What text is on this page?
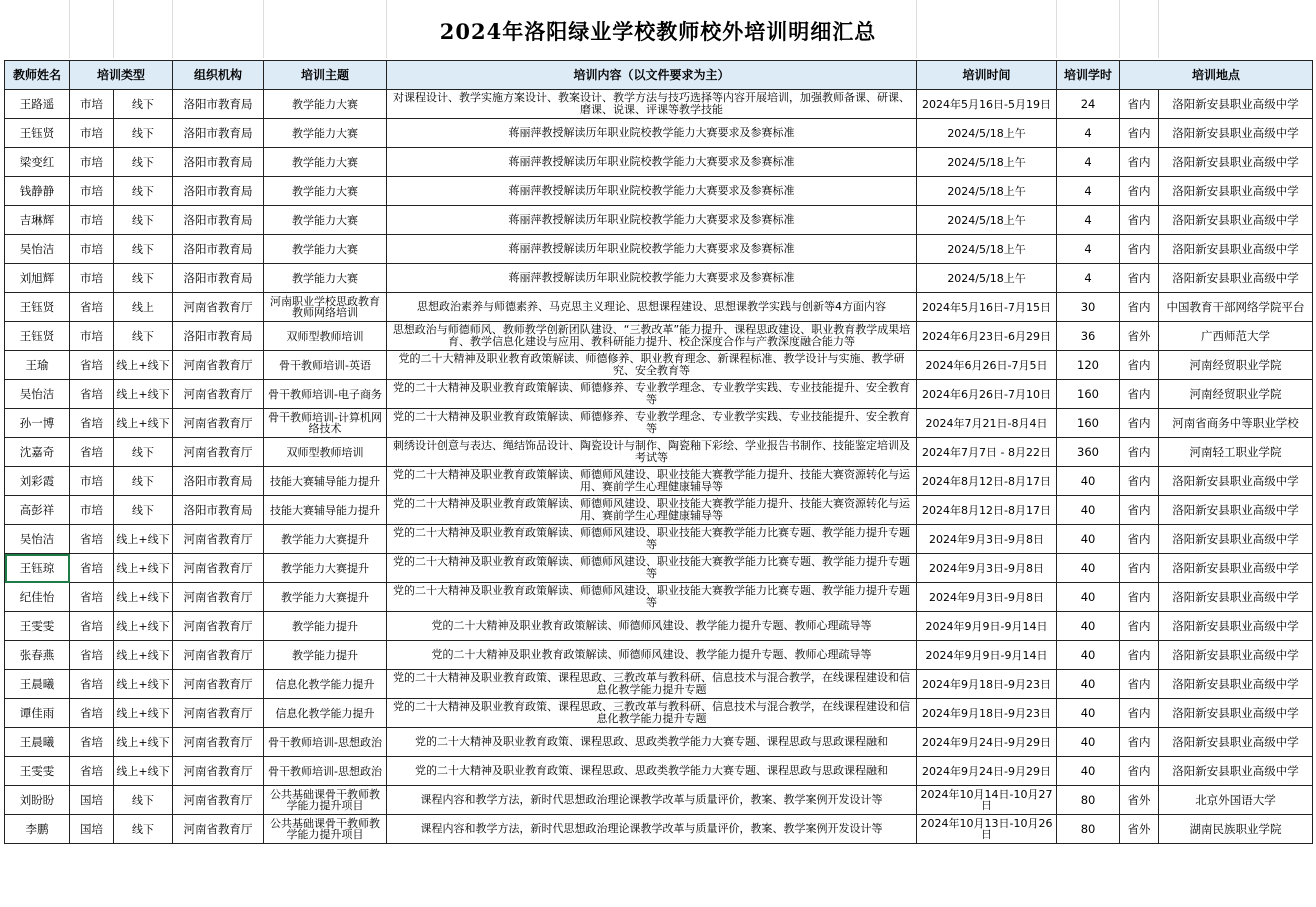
2024年洛阳绿业学校教师校外培训明细汇总
教师姓名	培训类型		组织机构	培训主题	培训内容（以文件要求为主）	培训时间	培训学时	培训地点	
王路遥	市培	线下	洛阳市教育局	教学能力大赛	对课程设计、教学实施方案设计、教案设计、教学方法与技巧选择等内容开展培训，加强教师备课、研课、磨课、说课、评课等教学技能	2024年5月16日-5月19日	24	省内	洛阳新安县职业高级中学
王钰贤	市培	线下	洛阳市教育局	教学能力大赛	蒋丽萍教授解读历年职业院校教学能力大赛要求及参赛标准	2024/5/18上午	4	省内	洛阳新安县职业高级中学
梁变红	市培	线下	洛阳市教育局	教学能力大赛	蒋丽萍教授解读历年职业院校教学能力大赛要求及参赛标准	2024/5/18上午	4	省内	洛阳新安县职业高级中学
钱静静	市培	线下	洛阳市教育局	教学能力大赛	蒋丽萍教授解读历年职业院校教学能力大赛要求及参赛标准	2024/5/18上午	4	省内	洛阳新安县职业高级中学
吉琳辉	市培	线下	洛阳市教育局	教学能力大赛	蒋丽萍教授解读历年职业院校教学能力大赛要求及参赛标准	2024/5/18上午	4	省内	洛阳新安县职业高级中学
吴怡洁	市培	线下	洛阳市教育局	教学能力大赛	蒋丽萍教授解读历年职业院校教学能力大赛要求及参赛标准	2024/5/18上午	4	省内	洛阳新安县职业高级中学
刘旭辉	市培	线下	洛阳市教育局	教学能力大赛	蒋丽萍教授解读历年职业院校教学能力大赛要求及参赛标准	2024/5/18上午	4	省内	洛阳新安县职业高级中学
王钰贤	省培	线上	河南省教育厅	河南职业学校思政教育教师网络培训	思想政治素养与师德素养、马克思主义理论、思想课程建设、思想课教学实践与创新等4方面内容	2024年5月16日-7月15日	30	省内	中国教育干部网络学院平台
王钰贤	市培	线下	洛阳市教育局	双师型教师培训	思想政治与师德师风、教师教学创新团队建设、“三教改革”能力提升、课程思政建设、职业教育教学成果培育、教学信息化建设与应用、教科研能力提升、校企深度合作与产教深度融合能力等	2024年6月23日-6月29日	36	省外	广西师范大学
王瑜	省培	线上+线下	河南省教育厅	骨干教师培训-英语	党的二十大精神及职业教育政策解读、师德修养、职业教育理念、新课程标准、教学设计与实施、教学研究、安全教育等	2024年6月26日-7月5日	120	省内	河南经贸职业学院
吴怡洁	省培	线上+线下	河南省教育厅	骨干教师培训-电子商务	党的二十大精神及职业教育政策解读、师德修养、专业教学理念、专业教学实践、专业技能提升、安全教育等	2024年6月26日-7月10日	160	省内	河南经贸职业学院
孙一博	省培	线上+线下	河南省教育厅	骨干教师培训-计算机网络技术	党的二十大精神及职业教育政策解读、师德修养、专业教学理念、专业教学实践、专业技能提升、安全教育等	2024年7月21日-8月4日	160	省内	河南省商务中等职业学校
沈嘉奇	省培	线下	河南省教育厅	双师型教师培训	刺绣设计创意与表达、绳结饰品设计、陶瓷设计与制作、陶瓷釉下彩绘、学业报告书制作、技能鉴定培训及考试等	2024年7月7日 - 8月22日	360	省内	河南轻工职业学院
刘彩霞	市培	线下	洛阳市教育局	技能大赛辅导能力提升	党的二十大精神及职业教育政策解读、师德师风建设、职业技能大赛教学能力提升、技能大赛资源转化与运用、赛前学生心理健康辅导等	2024年8月12日-8月17日	40	省内	洛阳新安县职业高级中学
高彭祥	市培	线下	洛阳市教育局	技能大赛辅导能力提升	党的二十大精神及职业教育政策解读、师德师风建设、职业技能大赛教学能力提升、技能大赛资源转化与运用、赛前学生心理健康辅导等	2024年8月12日-8月17日	40	省内	洛阳新安县职业高级中学
吴怡洁	省培	线上+线下	河南省教育厅	教学能力大赛提升	党的二十大精神及职业教育政策解读、师德师风建设、职业技能大赛教学能力比赛专题、教学能力提升专题等	2024年9月3日-9月8日	40	省内	洛阳新安县职业高级中学
王钰琼	省培	线上+线下	河南省教育厅	教学能力大赛提升	党的二十大精神及职业教育政策解读、师德师风建设、职业技能大赛教学能力比赛专题、教学能力提升专题等	2024年9月3日-9月8日	40	省内	洛阳新安县职业高级中学
纪佳怡	省培	线上+线下	河南省教育厅	教学能力大赛提升	党的二十大精神及职业教育政策解读、师德师风建设、职业技能大赛教学能力比赛专题、教学能力提升专题等	2024年9月3日-9月8日	40	省内	洛阳新安县职业高级中学
王雯雯	省培	线上+线下	河南省教育厅	教学能力提升	党的二十大精神及职业教育政策解读、师德师风建设、教学能力提升专题、教师心理疏导等	2024年9月9日-9月14日	40	省内	洛阳新安县职业高级中学
张春燕	省培	线上+线下	河南省教育厅	教学能力提升	党的二十大精神及职业教育政策解读、师德师风建设、教学能力提升专题、教师心理疏导等	2024年9月9日-9月14日	40	省内	洛阳新安县职业高级中学
王晨曦	省培	线上+线下	河南省教育厅	信息化教学能力提升	党的二十大精神及职业教育政策、课程思政、三教改革与教科研、信息技术与混合教学，在线课程建设和信息化教学能力提升专题	2024年9月18日-9月23日	40	省内	洛阳新安县职业高级中学
谭佳雨	省培	线上+线下	河南省教育厅	信息化教学能力提升	党的二十大精神及职业教育政策、课程思政、三教改革与教科研、信息技术与混合教学，在线课程建设和信息化教学能力提升专题	2024年9月18日-9月23日	40	省内	洛阳新安县职业高级中学
王晨曦	省培	线上+线下	河南省教育厅	骨干教师培训-思想政治	党的二十大精神及职业教育政策、课程思政、思政类教学能力大赛专题、课程思政与思政课程融和	2024年9月24日-9月29日	40	省内	洛阳新安县职业高级中学
王雯雯	省培	线上+线下	河南省教育厅	骨干教师培训-思想政治	党的二十大精神及职业教育政策、课程思政、思政类教学能力大赛专题、课程思政与思政课程融和	2024年9月24日-9月29日	40	省内	洛阳新安县职业高级中学
刘盼盼	国培	线下	河南省教育厅	公共基础课骨干教师教学能力提升项目	课程内容和教学方法，新时代思想政治理论课教学改革与质量评价，教案、教学案例开发设计等	2024年10月14日-10月27日	80	省外	北京外国语大学
李鹏	国培	线下	河南省教育厅	公共基础课骨干教师教学能力提升项目	课程内容和教学方法，新时代思想政治理论课教学改革与质量评价，教案、教学案例开发设计等	2024年10月13日-10月26日	80	省外	湖南民族职业学院
